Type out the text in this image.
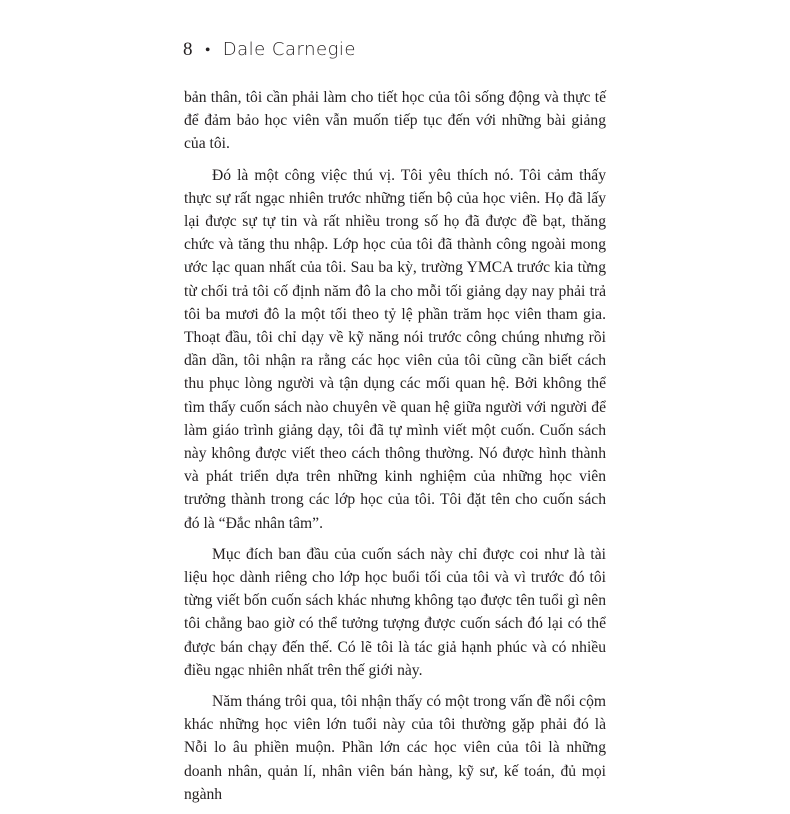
8 • Dale Carnegie

bản thân, tôi cần phải làm cho tiết học của tôi sống động và thực tế để đảm bảo học viên vẫn muốn tiếp tục đến với những bài giảng của tôi.

Đó là một công việc thú vị. Tôi yêu thích nó. Tôi cảm thấy thực sự rất ngạc nhiên trước những tiến bộ của học viên. Họ đã lấy lại được sự tự tin và rất nhiều trong số họ đã được đề bạt, thăng chức và tăng thu nhập. Lớp học của tôi đã thành công ngoài mong ước lạc quan nhất của tôi. Sau ba kỳ, trường YMCA trước kia từng từ chối trả tôi cố định năm đô la cho mỗi tối giảng dạy nay phải trả tôi ba mươi đô la một tối theo tỷ lệ phần trăm học viên tham gia. Thoạt đầu, tôi chỉ dạy về kỹ năng nói trước công chúng nhưng rồi dần dần, tôi nhận ra rằng các học viên của tôi cũng cần biết cách thu phục lòng người và tận dụng các mối quan hệ. Bởi không thể tìm thấy cuốn sách nào chuyên về quan hệ giữa người với người để làm giáo trình giảng dạy, tôi đã tự mình viết một cuốn. Cuốn sách này không được viết theo cách thông thường. Nó được hình thành và phát triển dựa trên những kinh nghiệm của những học viên trưởng thành trong các lớp học của tôi. Tôi đặt tên cho cuốn sách đó là “Đắc nhân tâm”.

Mục đích ban đầu của cuốn sách này chỉ được coi như là tài liệu học dành riêng cho lớp học buổi tối của tôi và vì trước đó tôi từng viết bốn cuốn sách khác nhưng không tạo được tên tuổi gì nên tôi chẳng bao giờ có thể tưởng tượng được cuốn sách đó lại có thể được bán chạy đến thế. Có lẽ tôi là tác giả hạnh phúc và có nhiều điều ngạc nhiên nhất trên thế giới này.

Năm tháng trôi qua, tôi nhận thấy có một trong vấn đề nổi cộm khác những học viên lớn tuổi này của tôi thường gặp phải đó là Nỗi lo âu phiền muộn. Phần lớn các học viên của tôi là những doanh nhân, quản lí, nhân viên bán hàng, kỹ sư, kế toán, đủ mọi ngành
